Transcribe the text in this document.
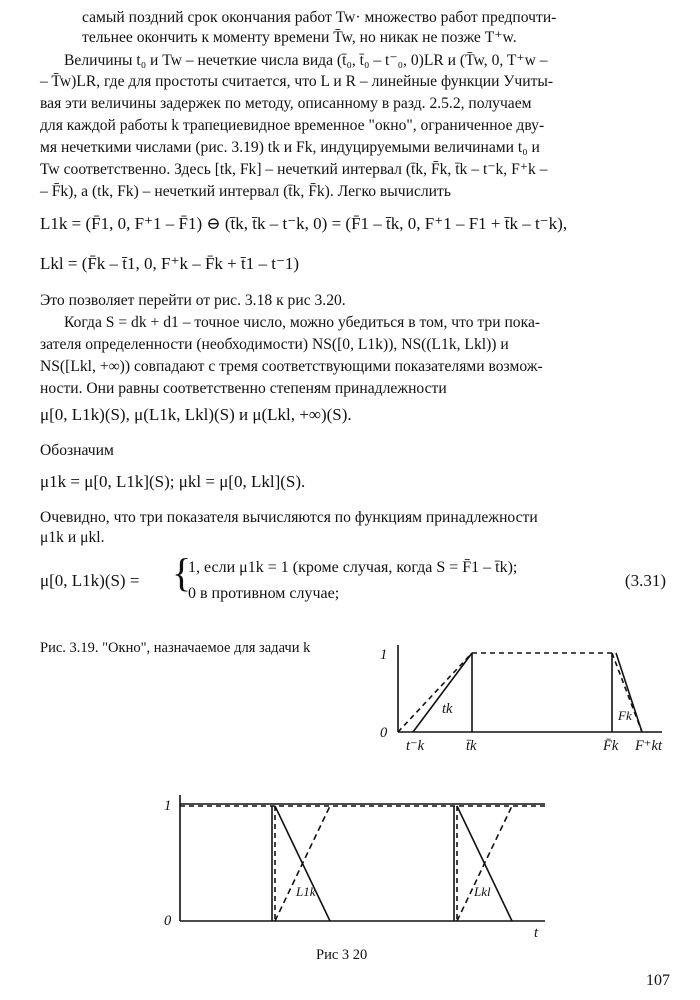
самый поздний срок окончания работ Tw· множество работ предпочти-
тельнее окончить к моменту времени T̄w, но никак не позже T⁺w.
Величины t₀ и Tw – нечеткие числа вида (t̄₀, t̄₀ – t⁻₀, 0)LR и (T̄w, 0, T⁺w –
– T̄w)LR, где для простоты считается, что L и R – линейные функции Учиты-
вая эти величины задержек по методу, описанному в разд. 2.5.2, получаем
для каждой работы k трапециевидное временное "окно", ограниченное дву-
мя нечеткими числами (рис. 3.19) tk и Fk, индуцируемыми величинами t₀ и
Tw соответственно. Здесь [tk, Fk] – нечеткий интервал (t̄k, F̄k, t̄k – t⁻k, F⁺k –
– F̄k), а (tk, Fk) – нечеткий интервал (t̄k, F̄k). Легко вычислить
L1k = (F̄1, 0, F⁺1 – F̄1) ⊖ (t̄k, t̄k – t⁻k, 0) = (F̄1 – t̄k, 0, F⁺1 – F1 + t̄k – t⁻k),
Lkl = (F̄k – t̄1, 0, F⁺k – F̄k + t̄1 – t⁻1)
Это позволяет перейти от рис. 3.18 к рис 3.20.
Когда S = dk + d1 – точное число, можно убедиться в том, что три пока-
зателя определенности (необходимости) NS([0, L1k)), NS((L1k, Lkl)) и
NS([Lkl, +∞)) совпадают с тремя соответствующими показателями возмож-
ности. Они равны соответственно степеням принадлежности
μ[0, L1k)(S), μ(L1k, Lkl)(S) и μ(Lkl, +∞)(S).
Обозначим
μ1k = μ[0, L1k](S); μkl = μ[0, Lkl](S).
Очевидно, что три показателя вычисляются по функциям принадлежности
μ1k и μkl.
μ[0, L1k)(S) = {
1, если μ1k = 1 (кроме случая, когда S = F̄1 – t̄k);
0 в противном случае;
(3.31)
Рис. 3.19. "Окно", назначаемое для задачи k	1
0
tk	Fk
t⁻k	t̄k	F̄k F⁺k t
1
0
L1k	Lkl
t
Рис 3 20
107
